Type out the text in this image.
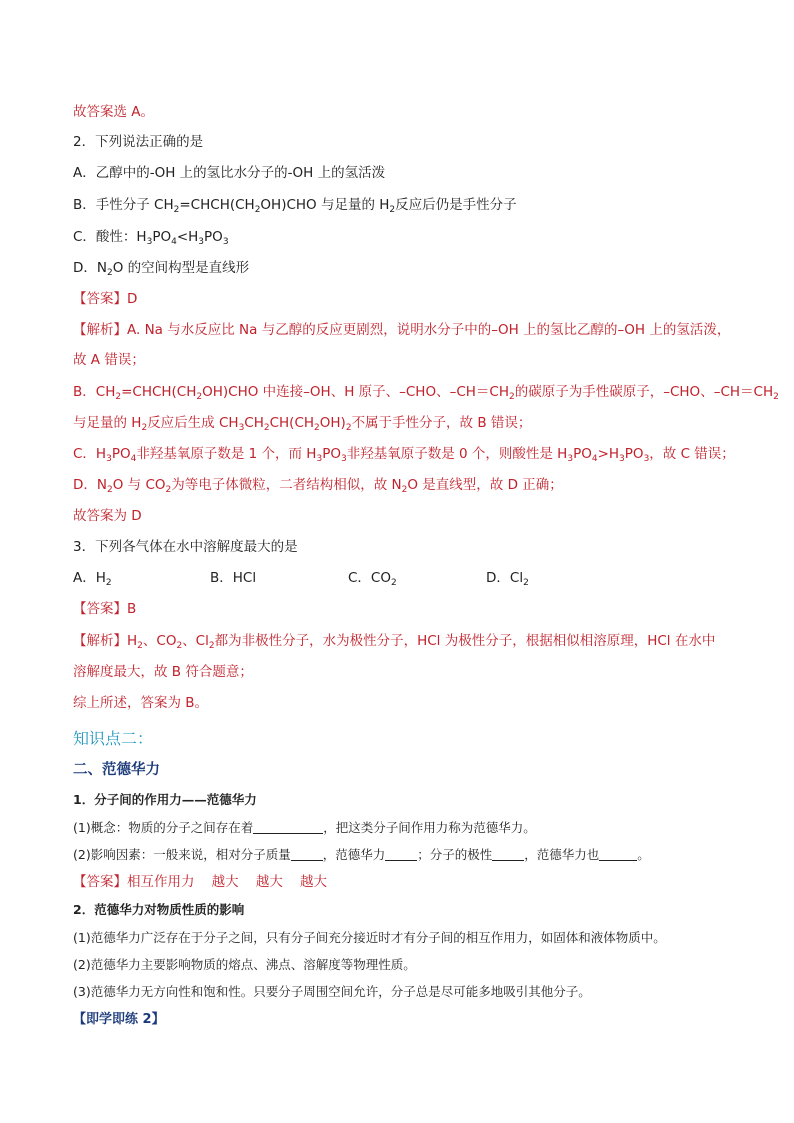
故答案选 A。
2．下列说法正确的是
A．乙醇中的-OH 上的氢比水分子的-OH 上的氢活泼
B．手性分子 $CH_2=CHCH(CH_2OH)CHO$ 与足量的 $H_2$反应后仍是手性分子
C．酸性：$H_3PO_4<H_3PO_3$
D．$N_2O$ 的空间构型是直线形
【答案】D
【解析】A. Na 与水反应比 Na 与乙醇的反应更剧烈，说明水分子中的–OH 上的氢比乙醇的–OH 上的氢活泼，
故 A 错误；
B．$CH_2=CHCH(CH_2OH)CHO$ 中连接–OH、H 原子、–CHO、$-CH=CH_2$的碳原子为手性碳原子，–CHO、$-CH=CH_2$
与足量的 $H_2$反应后生成 $CH_3CH_2CH(CH_2OH)_2$不属于手性分子，故 B 错误；
C．$H_3PO_4$非羟基氧原子数是 1 个，而 $H_3PO_3$非羟基氧原子数是 0 个，则酸性是 $H_3PO_4>H_3PO_3$，故 C 错误；
D．$N_2O$ 与 $CO_2$为等电子体微粒，二者结构相似，故 $N_2O$ 是直线型，故 D 正确；
故答案为 D
3．下列各气体在水中溶解度最大的是
A．$H_2$	B．HCl	C．$CO_2$	D．$Cl_2$
【答案】B
【解析】$H_2$、$CO_2$、$Cl_2$都为非极性分子，水为极性分子，HCl 为极性分子，根据相似相溶原理，HCl 在水中
溶解度最大，故 B 符合题意；
综上所述，答案为 B。
知识点二：
二、范德华力
1．分子间的作用力——范德华力
(1)概念：物质的分子之间存在着	，把这类分子间作用力称为范德华力。
(2)影响因素：一般来说，相对分子质量	，范德华力	；分子的极性	，范德华力也	。
【答案】相互作用力    越大    越大    越大
2．范德华力对物质性质的影响
(1)范德华力广泛存在于分子之间，只有分子间充分接近时才有分子间的相互作用力，如固体和液体物质中。
(2)范德华力主要影响物质的熔点、沸点、溶解度等物理性质。
(3)范德华力无方向性和饱和性。只要分子周围空间允许，分子总是尽可能多地吸引其他分子。
【即学即练 2】
